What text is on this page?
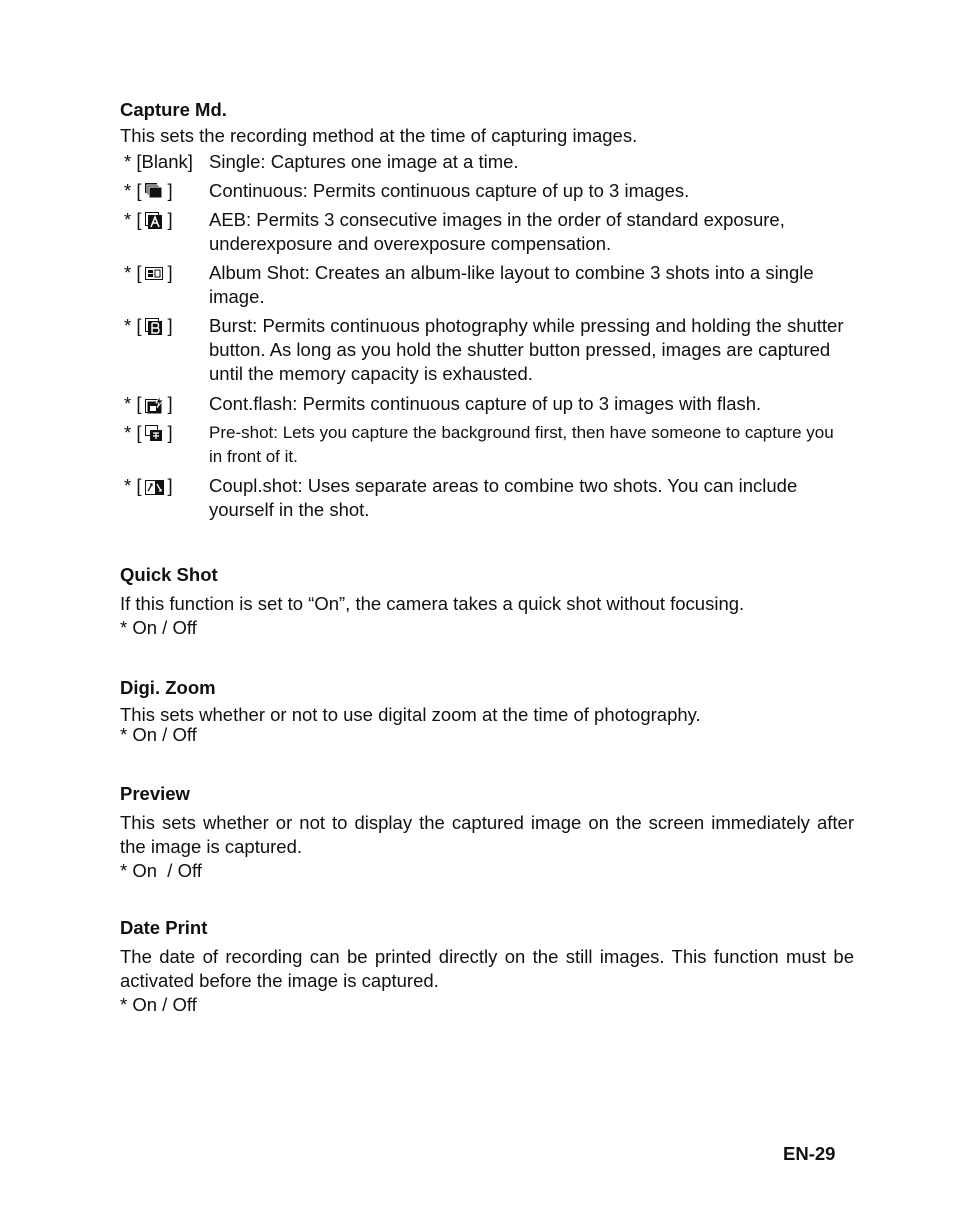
Capture Md.

This sets the recording method at the time of capturing images.

* [Blank] Single: Captures one image at a time.
* [ ] Continuous: Permits continuous capture of up to 3 images.
* [ ] AEB: Permits 3 consecutive images in the order of standard exposure, underexposure and overexposure compensation.
* [ ] Album Shot: Creates an album-like layout to combine 3 shots into a single image.
* [ ] Burst: Permits continuous photography while pressing and holding the shutter button. As long as you hold the shutter button pressed, images are captured until the memory capacity is exhausted.
* [ ] Cont.flash: Permits continuous capture of up to 3 images with flash.
* [ ] Pre-shot: Lets you capture the background first, then have someone to capture you in front of it.
* [ ] Coupl.shot: Uses separate areas to combine two shots. You can include yourself in the shot.

Quick Shot

If this function is set to “On”, the camera takes a quick shot without focusing.

* On / Off

Digi. Zoom

This sets whether or not to use digital zoom at the time of photography.

* On / Off

Preview

This sets whether or not to display the captured image on the screen immediately after the image is captured.

* On  / Off

Date Print

The date of recording can be printed directly on the still images. This function must be activated before the image is captured.

* On / Off

EN-29
